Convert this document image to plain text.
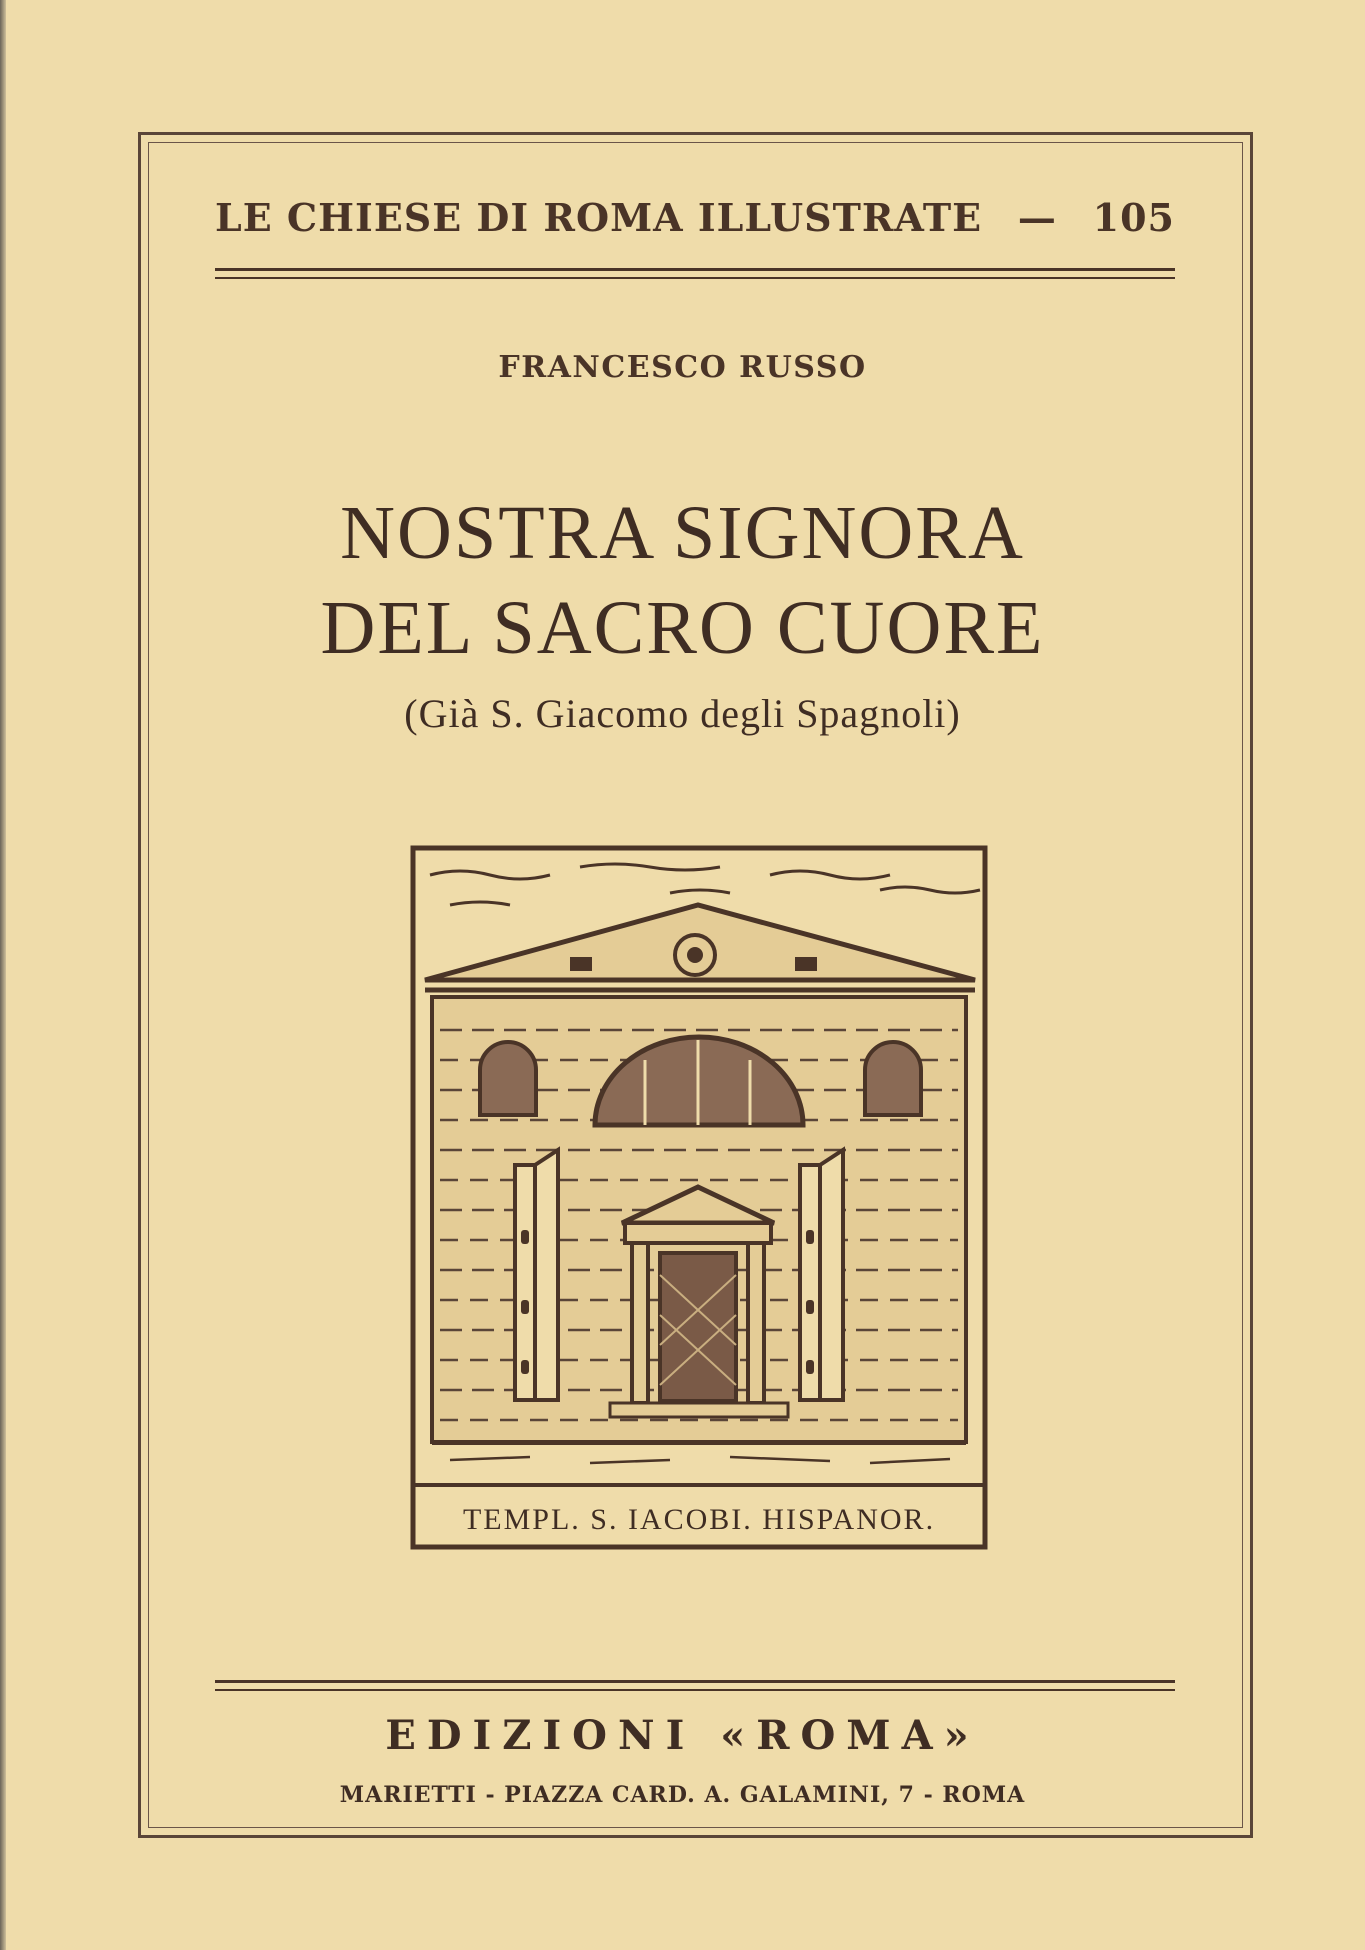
LE CHIESE DI ROMA ILLUSTRATE — 105
FRANCESCO RUSSO
NOSTRA SIGNORA
DEL SACRO CUORE
(Già S. Giacomo degli Spagnoli)
TEMPL. S. IACOBI. HISPANOR.
EDIZIONI «ROMA»
MARIETTI - PIAZZA CARD. A. GALAMINI, 7 - ROMA
